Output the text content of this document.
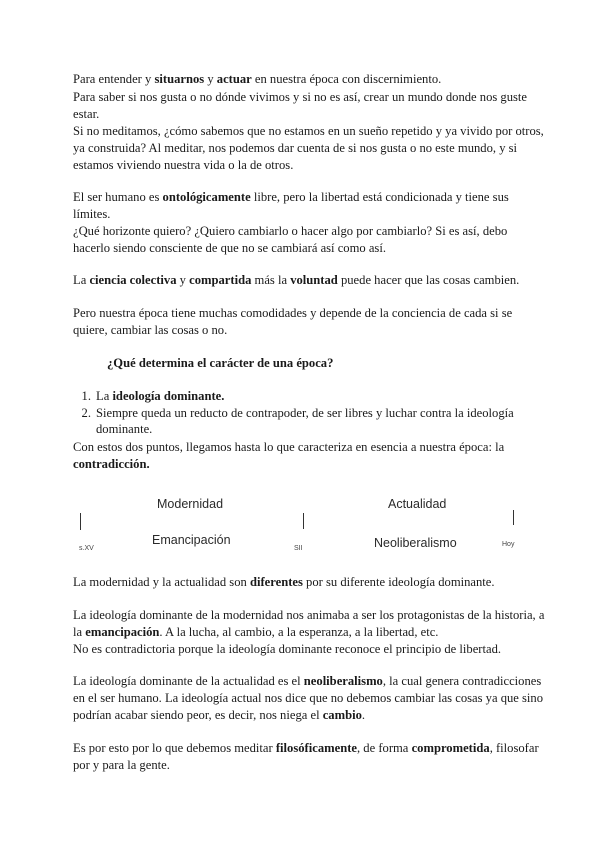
Para entender y situarnos y actuar en nuestra época con discernimiento.
Para saber si nos gusta o no dónde vivimos y si no es así, crear un mundo donde nos guste
estar.
Si no meditamos, ¿cómo sabemos que no estamos en un sueño repetido y ya vivido por otros,
ya construida? Al meditar, nos podemos dar cuenta de si nos gusta o no este mundo, y si
estamos viviendo nuestra vida o la de otros.
El ser humano es ontológicamente libre, pero la libertad está condicionada y tiene sus
límites.
¿Qué horizonte quiero? ¿Quiero cambiarlo o hacer algo por cambiarlo? Si es así, debo
hacerlo siendo consciente de que no se cambiará así como así.
La ciencia colectiva y compartida más la voluntad puede hacer que las cosas cambien.
Pero nuestra época tiene muchas comodidades y depende de la conciencia de cada si se
quiere, cambiar las cosas o no.
¿Qué determina el carácter de una época?
1. La ideología dominante.
2. Siempre queda un reducto de contrapoder, de ser libres y luchar contra la ideología
dominante.
Con estos dos puntos, llegamos hasta lo que caracteriza en esencia a nuestra época: la
contradicción.
Modernidad	Actualidad
Emancipación	Neoliberalismo
s.XV	SII
Hoy
La modernidad y la actualidad son diferentes por su diferente ideología dominante.
La ideología dominante de la modernidad nos animaba a ser los protagonistas de la historia, a
la emancipación. A la lucha, al cambio, a la esperanza, a la libertad, etc.
No es contradictoria porque la ideología dominante reconoce el principio de libertad.
La ideología dominante de la actualidad es el neoliberalismo, la cual genera contradicciones
en el ser humano. La ideología actual nos dice que no debemos cambiar las cosas ya que sino
podrían acabar siendo peor, es decir, nos niega el cambio.
Es por esto por lo que debemos meditar filosóficamente, de forma comprometida, filosofar
por y para la gente.
